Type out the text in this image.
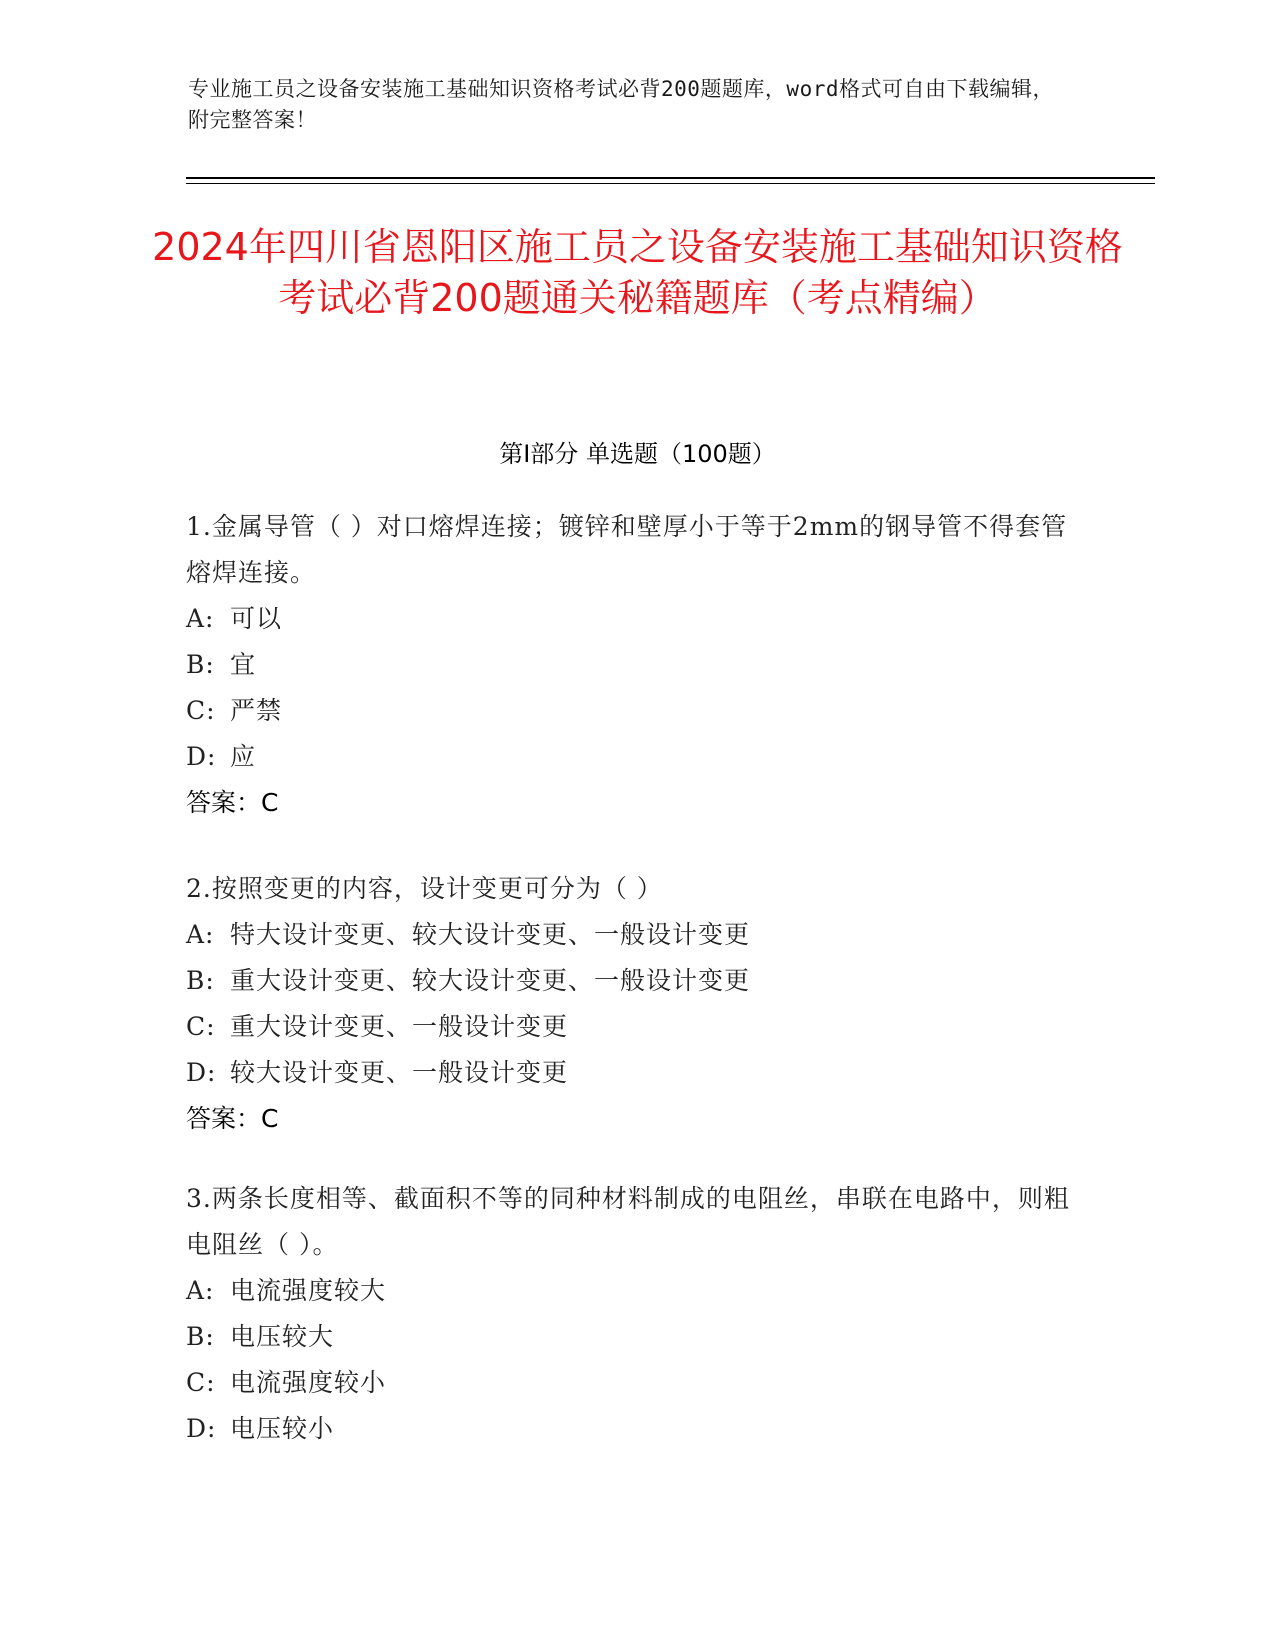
专业施工员之设备安装施工基础知识资格考试必背200题题库，word格式可自由下载编辑，附完整答案！
2024年四川省恩阳区施工员之设备安装施工基础知识资格考试必背200题通关秘籍题库（考点精编）
第Ⅰ部分 单选题（100题）
1.金属导管（ ）对口熔焊连接；镀锌和壁厚小于等于2mm的钢导管不得套管熔焊连接。
A: 可以
B: 宜
C: 严禁
D: 应
答案：C
2.按照变更的内容，设计变更可分为（ ）
A: 特大设计变更、较大设计变更、一般设计变更
B: 重大设计变更、较大设计变更、一般设计变更
C: 重大设计变更、一般设计变更
D: 较大设计变更、一般设计变更
答案：C
3.两条长度相等、截面积不等的同种材料制成的电阻丝，串联在电路中，则粗电阻丝（ ）。
A: 电流强度较大
B: 电压较大
C: 电流强度较小
D: 电压较小
